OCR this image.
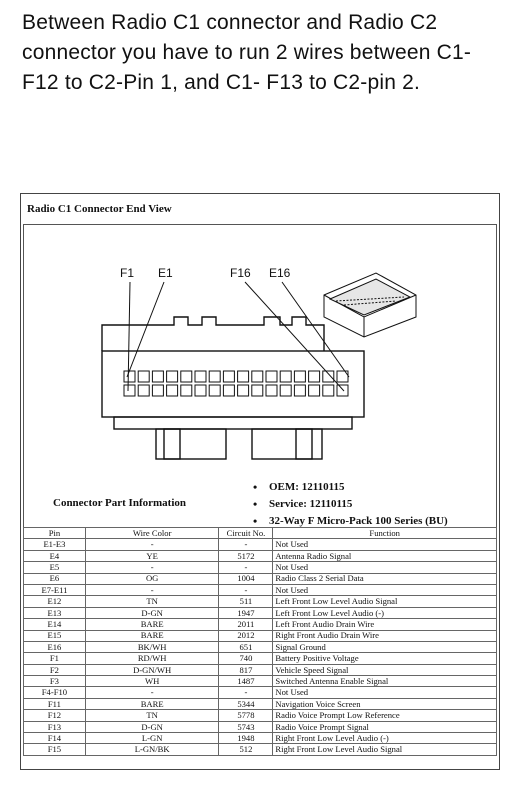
Between Radio C1 connector and Radio C2 connector you have to run 2 wires between C1-F12 to C2-Pin 1, and C1- F13 to C2-pin 2.
Radio C1 Connector End View
F1 E1	F16 E16
Connector Part Information
• OEM: 12110115
• Service: 12110115
• 32-Way F Micro-Pack 100 Series (BU)
Pin	Wire Color	Circuit No.	Function
E1-E3	-	-	Not Used
E4	YE	5172	Antenna Radio Signal
E5	-	-	Not Used
E6	OG	1004	Radio Class 2 Serial Data
E7-E11	-	-	Not Used
E12	TN	511	Left Front Low Level Audio Signal
E13	D-GN	1947	Left Front Low Level Audio (-)
E14	BARE	2011	Left Front Audio Drain Wire
E15	BARE	2012	Right Front Audio Drain Wire
E16	BK/WH	651	Signal Ground
F1	RD/WH	740	Battery Positive Voltage
F2	D-GN/WH	817	Vehicle Speed Signal
F3	WH	1487	Switched Antenna Enable Signal
F4-F10	-	-	Not Used
F11	BARE	5344	Navigation Voice Screen
F12	TN	5778	Radio Voice Prompt Low Reference
F13	D-GN	5743	Radio Voice Prompt Signal
F14	L-GN	1948	Right Front Low Level Audio (-)
F15	L-GN/BK	512	Right Front Low Level Audio Signal
